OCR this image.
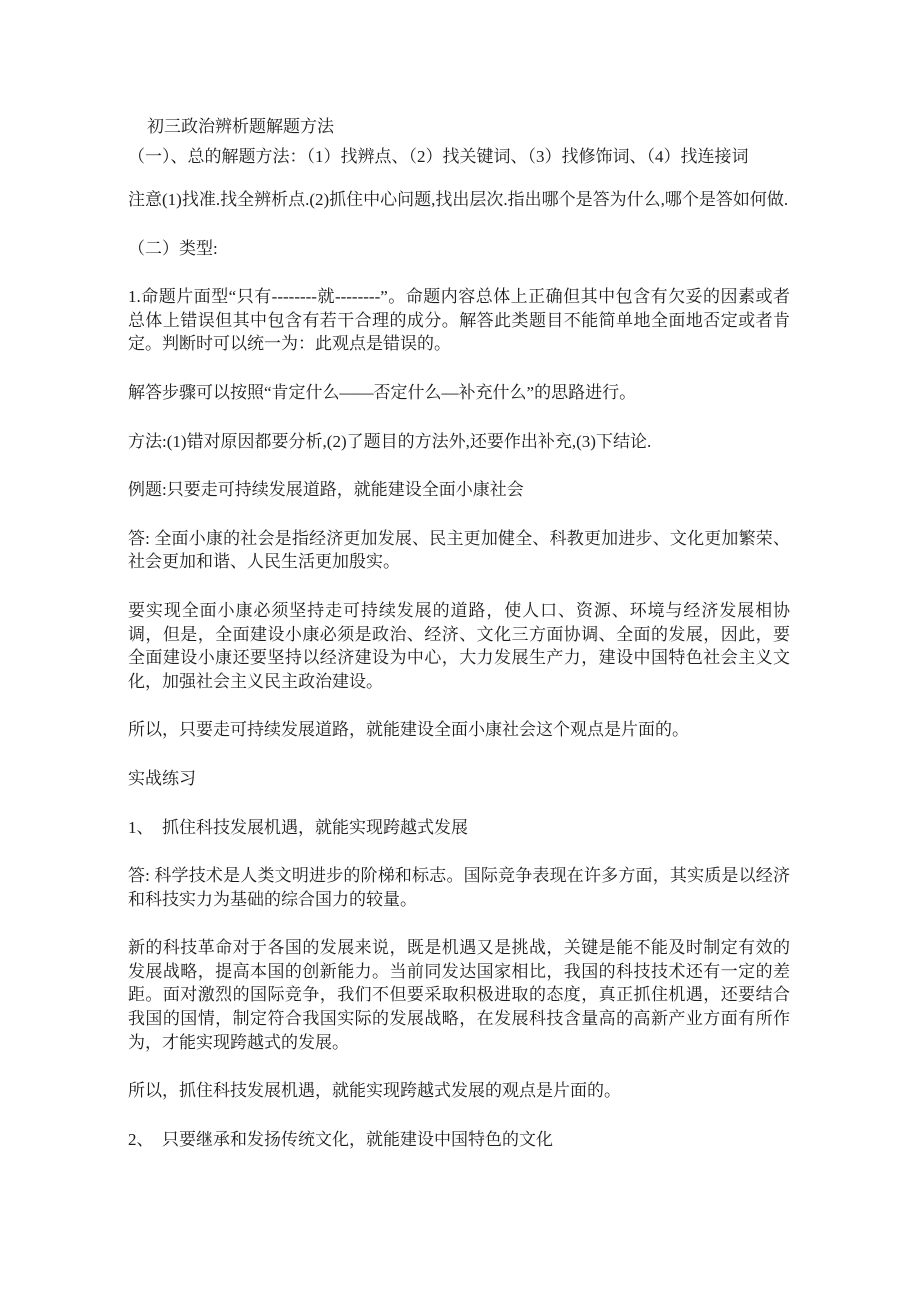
初三政治辨析题解题方法
（一）、总的解题方法：（1）找辨点、（2）找关键词、（3）找修饰词、（4）找连接词

注意(1)找准.找全辨析点.(2)抓住中心问题,找出层次.指出哪个是答为什么,哪个是答如何做.

（二）类型:

1.命题片面型“只有--------就--------”。命题内容总体上正确但其中包含有欠妥的因素或者总体上错误但其中包含有若干合理的成分。解答此类题目不能简单地全面地否定或者肯定。判断时可以统一为：此观点是错误的。

解答步骤可以按照“肯定什么——否定什么—补充什么”的思路进行。

方法:(1)错对原因都要分析,(2)了题目的方法外,还要作出补充,(3)下结论.

例题:只要走可持续发展道路，就能建设全面小康社会

答: 全面小康的社会是指经济更加发展、民主更加健全、科教更加进步、文化更加繁荣、社会更加和谐、人民生活更加殷实。

要实现全面小康必须坚持走可持续发展的道路，使人口、资源、环境与经济发展相协调，但是，全面建设小康必须是政治、经济、文化三方面协调、全面的发展，因此，要全面建设小康还要坚持以经济建设为中心，大力发展生产力，建设中国特色社会主义文化，加强社会主义民主政治建设。

所以，只要走可持续发展道路，就能建设全面小康社会这个观点是片面的。

实战练习

1、　抓住科技发展机遇，就能实现跨越式发展

答: 科学技术是人类文明进步的阶梯和标志。国际竞争表现在许多方面，其实质是以经济和科技实力为基础的综合国力的较量。

新的科技革命对于各国的发展来说，既是机遇又是挑战，关键是能不能及时制定有效的发展战略，提高本国的创新能力。当前同发达国家相比，我国的科技技术还有一定的差距。面对激烈的国际竞争，我们不但要采取积极进取的态度，真正抓住机遇，还要结合我国的国情，制定符合我国实际的发展战略，在发展科技含量高的高新产业方面有所作为，才能实现跨越式的发展。

所以，抓住科技发展机遇，就能实现跨越式发展的观点是片面的。

2、　只要继承和发扬传统文化，就能建设中国特色的文化
